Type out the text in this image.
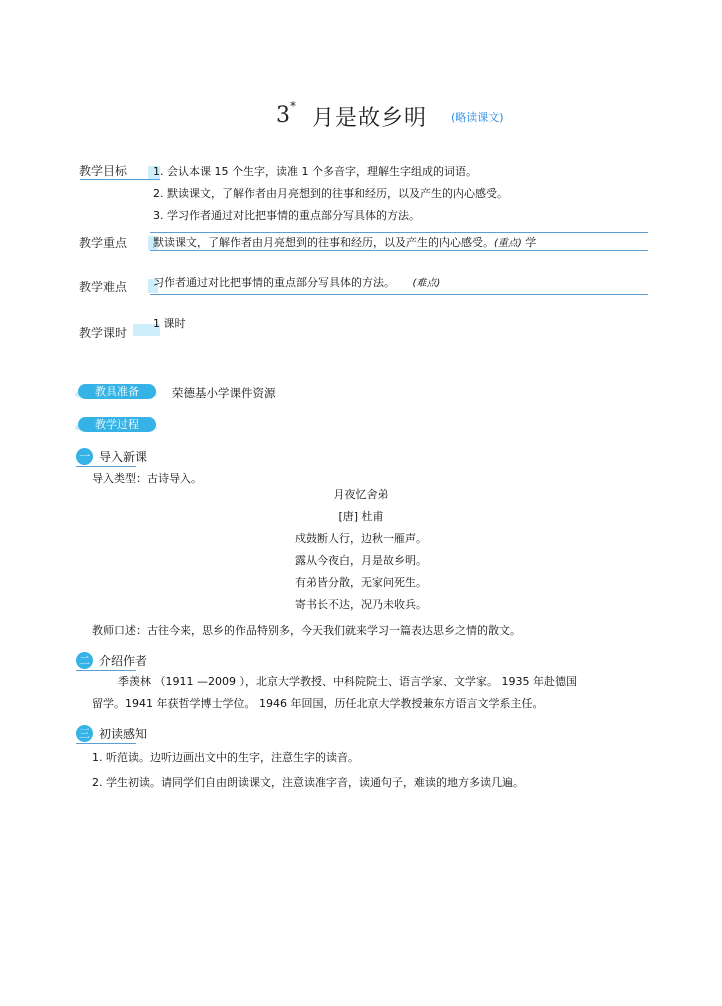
3 * 月是故乡明 (略读课文)
教学目标 1. 会认本课 15 个生字，读准 1 个多音字，理解生字组成的词语。
2. 默读课文，了解作者由月亮想到的往事和经历，以及产生的内心感受。
3. 学习作者通过对比把事情的重点部分写具体的方法。
教学重点 默读课文，了解作者由月亮想到的往事和经历，以及产生的内心感受。(重点) 学
教学难点 习作者通过对比把事情的重点部分写具体的方法。 (难点)
教学课时
1 课时
教具准备	荣德基小学课件资源
教学过程
一 导入新课
导入类型：古诗导入。
月夜忆舍弟
[唐] 杜甫
戍鼓断人行，边秋一雁声。
露从今夜白，月是故乡明。
有弟皆分散，无家问死生。
寄书长不达，况乃未收兵。
教师口述：古往今来，思乡的作品特别多，今天我们就来学习一篇表达思乡之情的散文。
二 介绍作者
季羡林 （1911 —2009 ），北京大学教授、中科院院士、语言学家、文学家。 1935 年赴德国
留学。1941 年获哲学博士学位。 1946 年回国，历任北京大学教授兼东方语言文学系主任。
三 初读感知
1. 听范读。边听边画出文中的生字，注意生字的读音。
2. 学生初读。请同学们自由朗读课文，注意读准字音，读通句子，难读的地方多读几遍。
